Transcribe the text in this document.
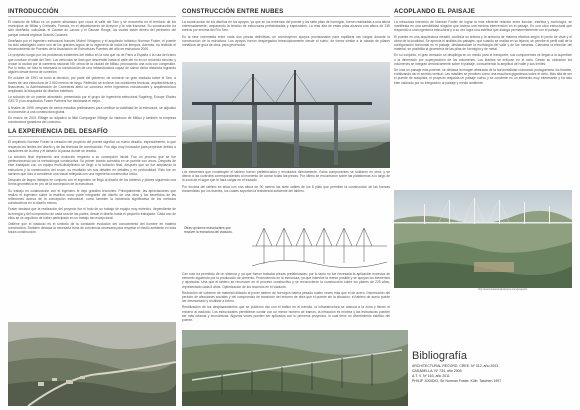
INTRODUCCIÓN

El viaducto de Millau es un puente atirantado que cruza el valle del Tarn y se encuentra en el territorio de los municipios de Millau y Creissels, Francia, en el departamento de Aveyron y la ruta francesa. Su construcción ha sido diseñada, calculada, el Causse du Larzac y el Causse Rouge, los cuales están dentro del perímetro del parque natural regional Grands Causses.

Diseñado por el ingeniero estructural francés Michel Virlogeux y el arquitecto británico Norman Foster, el puente ha sido catalogado como uno de los grandes logros de la ingeniería de todos los tiempos. Además, ha recibido el reconocimiento de Puentes de la Asociación de Estructuras Puentes del año en estructura 2006.

Le proyecto surgió por los problemas existentes del tráfico en la ruta que va de París a España o la ruta del tramo que conduce al valle del Tarn. Los vehículos se iban que descender hasta el valle del río en un recorrido sinuoso y cruzar la ciudad por la carretera nacional N9, cerca de la ciudad de Millau, provocando una cola con congestión. Por lo tanto, se hizo la necesaria la construcción de una infraestructura capaz de salvar dicha distancia logrando alguien desde forma de conexión.

En octubre de 1991 se tomó la decisión, por parte del gobierno, de construir un gran viaducto sobre el Tarn, a través de una estructura de 2.500 metros de largo. Reflexión se tuvieron las cuestiones técnicas, arquitectónicas y financieras, la Administración de Carreteras abrió un concurso entre ingenieros estructurales y arquitectónicos ampliando la búsqueda de diseños estéticos.

La solución de un puente atirantado, presentado por el grupo de ingeniería estructural Sogelerg, Europe Etudes GECTI y los arquitectos Foster Partners fue declarada el mejor.

A finales de 1999, después de varios estudios preliminares para verificar la viabilidad de la estructura, se adjudicó la concesión a una constructora global.

En marzo de 2001 Eiffage se adjudicó la filial Compagnie Eiffage du viaducto de Millau y también la empresa constructora ganadora del concurso.

LA EXPERIENCIA DEL DESAFÍO

El arquitecto Norman Foster la creación del proyecto del puente significó un nuevo desafío, especialmente, lo que respecta los límites del diseño y de las técnicas de construcción. Fue algo muy innovador para proyectar debido a caracteres de la obra y el tamaño la pausa donde se creaba.

La solución final representó una evolución respecto a su concepción inicial. Fue un proceso que se fue perfeccionando por la metodología constructiva. Su primer boceto consistía en un puente con arcos. Después de este trabajado con un equipo multi-disciplinario se llegó a la solución final, después que se fue ampliando la estructura y la construcción del cruce, su resultado sin sus detalles en detalles y en profundidad. Esto fue en razones que hizo a considerar una visual reflejada con una ingeniería constructiva única.

Después de largos trabajos en conjunto con el ingeniero se llegó al diseño de los tableros y pilares siguiendo una forma geométrica en pro de la concepción de la estructura.

Su trabajo en colaboración con el ingeniero le dejó grandes lecciones. Principalmente, las apreciaciones que realizó el ingeniero sobre la estética como parte integrante del diseño de una obra y los beneficios de las reflexiones acerca de la concepción estructural, como también la incidencia significativa de los métodos constructivos en el diseño mismo.

Foster destaca que la realización del proyecto fue el fruto de un trabajo de equipo muy estrecho, dependiente de la energía y del compromiso de cada una de las partes, desde el diseño hasta el pequeño trabajador. Cada uno de ellos se ve orgulloso de haber participado en un trabajo tan excepcional.

Obtiene que el viaducto es el símbolo de la constante evolución del conocimiento del hombre en materia constructiva. También destaca la necesaria toma de conciencia necesaria para respetar el medio ambiente en toda futura construcción.

CONSTRUCCIÓN ENTRE NUBES

La construcción de los diseños en los apoyos, ya que en los extremos del puente y los siete pilas de hormigón, fueron realizadas a una altura extremadamente, amparando la tensión de estructuras prefabricadas y trapezoides. La más alta de estas pilas alcanza una altura de 245 metros por encima del Río Tarn.

En la fase intermedia entre cada dos piezas definitivas, se construyeron apoyos provisionales para equilibrar las cargas durante la construcción de la estructura. Los apoyos fueron desplegados telescópicamente desde el suelo; de forma similar a la alzada de pilares metálicos de grúa de obra, para generarlos.

Los elementos que constituyen el tablero fueron prefabricados y encolados directamente. Estos componentes se soldaron en obra, y se dieron a las controles correspondientes al momento de contar todas las piezas. Por último se encontraron sobre las plataformas a lo largo de la zona de el lugar que le hará cargar en el trazado.

Por encima del tablero se sitúa con una altura de 90 metros las siete cables de los 8 pilas que permiten la construcción de las fuerzas transmitidas por los tirantes, los cuales soportan la resistencia suficiente del tablero.

Otras opciones estructurales que
resolver la estructura del viaducto.

Con solo ha permitido de un sistema y, ya que fueron tratados piezas prefabricadas; por lo tanto no fue necesaria la aplicación excesiva de cemento siguiendo por la producción de cemento. Promoviendo en la estructura, ya que intervine la menor posible y se apoyan los elementos y ajustados. Una que el tablero se reconocer en el proceso constructivo y se reconocieron la construcción sobre los pilares de 225 años, representado cada 8 años. Optimización de los recursos en el viaducto.

Reducción de volumen de material utilizado al poner tablero de hormigón habría pesado cuatro veces más que el de acero. Disminución del período de afecciones sociales y del compromiso de transición del entorno de obra que el puente sin la situación, el tablero de acero puede ser desmontado y reutilizar a futuro.

Reutilización de los desplazamientos que se pudieron dar con el tráfico en el tránsito, la infraestructura se adecúa a la zona y tienen el entorno al viaducto. Los estructurales permitieron contar con un menor número de tramos, la infracción es mínima y las estructuras pueden ser más livianas y económicas. Algunas veces pueden ser aplicados con tu primeros proyectos, lo cual tiene un divertimiento estético del puente.

ACOPLANDO EL PAISAJE

La minuciosa intención de Norman Foster de lograr la más eficiente relación entre función, estética y morfología, se manifiesta en una sensibilidad singular que tuviera una mínima intervención en el paisaje. Es una obra estructural que respondió a una ingeniería estructural y a su vez logra una estética que dialoga permanentemente con el paisaje.

El puente es una arquitectura versátil, continúa su textura y la armonía de manera efectiva según el punto de vista y el clima de la localidad. Se aprecia el análisis los paisajes, que cuando se realiza en su lejanía, se percibe el perfil sutil de la configuración horizontal en el paisaje, destacándose la morfología del valle y de las mesetas. Clarísima la elección del material, se posibilita la geometría de las pilas de hormigón y de metal.

En su conjunto, el gran armazón se despliega en un medio para el transporte, sus componentes se llegan a la superficie o la dimensión por superposición de los volúmenes. Los tirantes se enfocan en el cielo. Desde su ubicación los volúmenes se integran armónicamente sobre el paisaje, consumiendo la amplitud del valle y sus límites.

Se crea un paisaje más potente, se destaca la imagen abstracta de la horizontalidad colocando protagonismo los tirantes, enfatizando así el sentido vertical. Las mástiles se perciben como una escultura gigantesca sobre el cielo. Más allá de ser el puente de autopista, el proyecto respalda un paisaje nuevo y se convierte en un elemento muy interesante y ha sido bien valorado por su integración al paisaje y medio ambiente.

http://www.fosterandpartners.com/projects/
Bibliografía
ARCHITECTURAL RECORD. CREE. Nº 312, año 2003
CASABELLA. Nº 734, año 2005
A.T. V. Nº 163, año 2011
PHILIP JODIDIO, Sir Norman Foster, Köln. Taschen 1997
